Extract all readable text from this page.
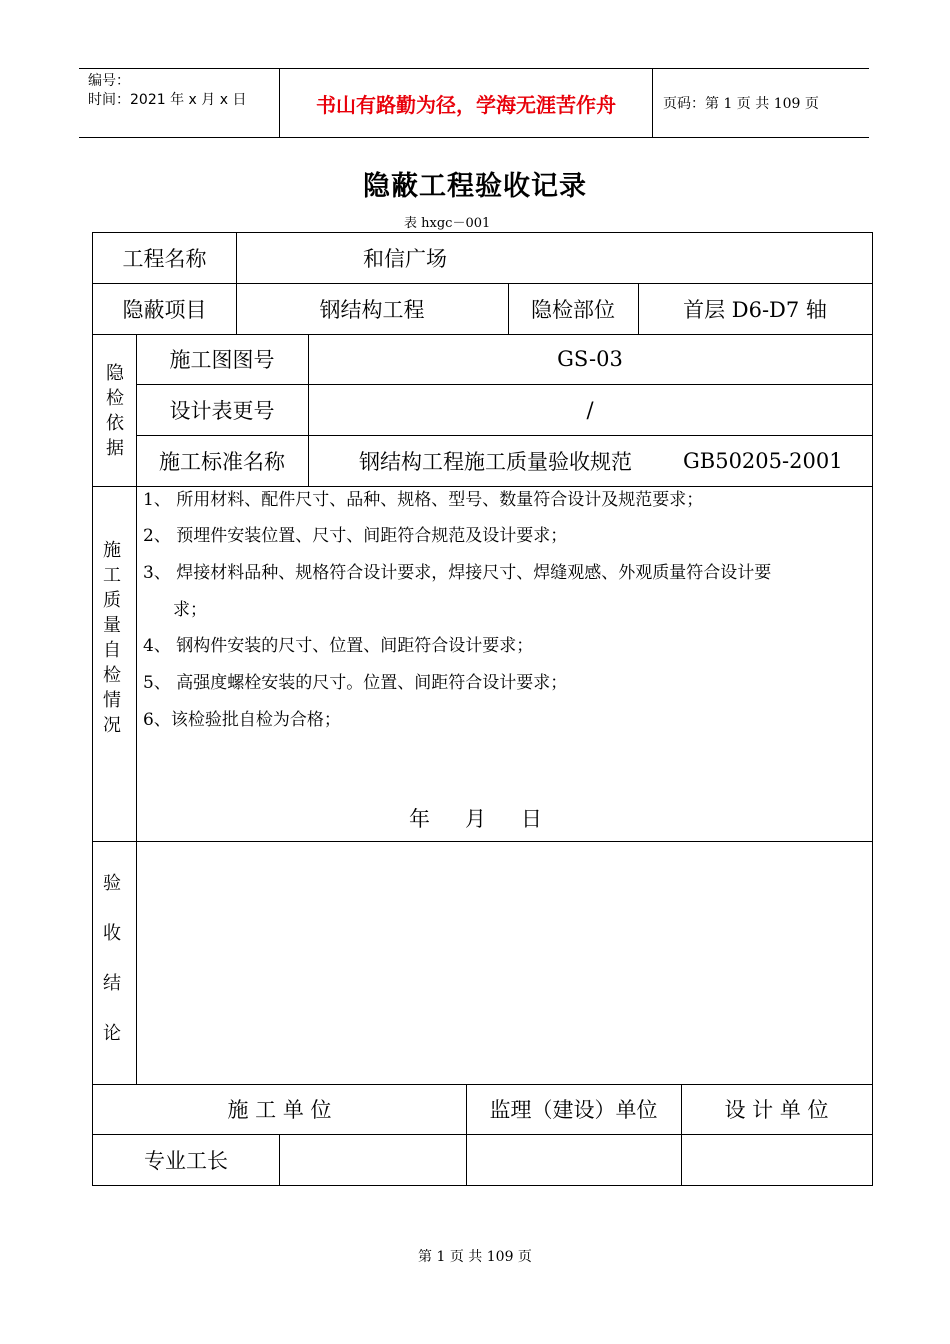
编号：
时间：2021 年 x 月 x 日	书山有路勤为径，学海无涯苦作舟	页码：第 1 页 共 109 页
隐蔽工程验收记录
表 hxgc－001
工程名称	和信广场
隐蔽项目	钢结构工程	隐检部位	首层 D6-D7 轴
隐
检
依
据
施工图图号	GS-03
设计表更号	/
施工标准名称	钢结构工程施工质量验收规范	GB50205-2001
施
工
质
量
自
检
情
况
1、 所用材料、配件尺寸、品种、规格、型号、数量符合设计及规范要求；
2、 预埋件安装位置、尺寸、间距符合规范及设计要求；
3、 焊接材料品种、规格符合设计要求，焊接尺寸、焊缝观感、外观质量符合设计要
求；
4、 钢构件安装的尺寸、位置、间距符合设计要求；
5、 高强度螺栓安装的尺寸。位置、间距符合设计要求；
6、该检验批自检为合格；
年 月 日
验
收
结
论
施 工 单 位	监理（建设）单位	设 计 单 位
专业工长
第 1 页 共 109 页
